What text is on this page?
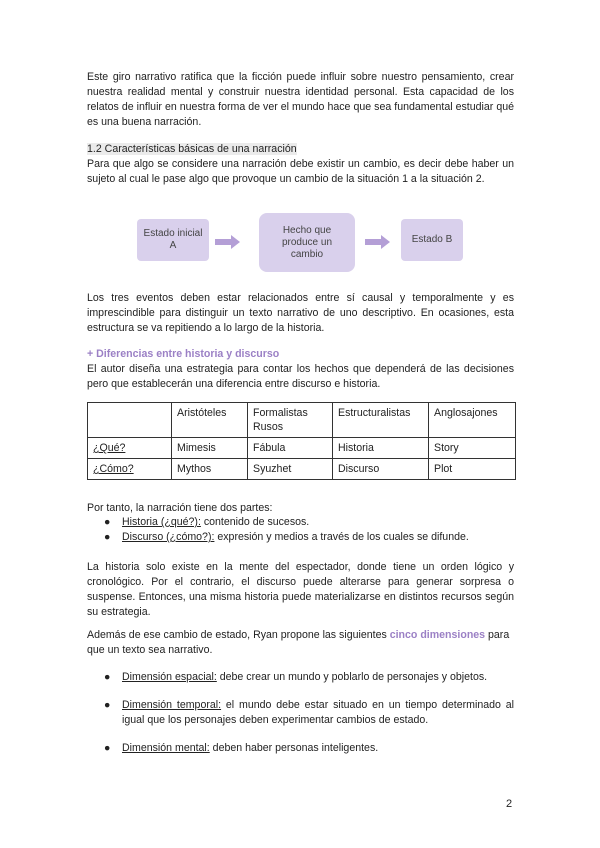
Este giro narrativo ratifica que la ficción puede influir sobre nuestro pensamiento, crear nuestra realidad mental y construir nuestra identidad personal. Esta capacidad de los relatos de influir en nuestra forma de ver el mundo hace que sea fundamental estudiar qué es una buena narración.

1.2 Características básicas de una narración

Para que algo se considere una narración debe existir un cambio, es decir debe haber un sujeto al cual le pase algo que provoque un cambio de la situación 1 a la situación 2.

Estado inicial A
Hecho que produce un cambio
Estado B

Los tres eventos deben estar relacionados entre sí causal y temporalmente y es imprescindible para distinguir un texto narrativo de uno descriptivo. En ocasiones, esta estructura se va repitiendo a lo largo de la historia.

+ Diferencias entre historia y discurso

El autor diseña una estrategia para contar los hechos que dependerá de las decisiones pero que establecerán una diferencia entre discurso e historia.

	Aristóteles	Formalistas Rusos	Estructuralistas	Anglosajones
¿Qué?	Mimesis	Fábula	Historia	Story
¿Cómo?	Mythos	Syuzhet	Discurso	Plot

Por tanto, la narración tiene dos partes:

● Historia (¿qué?): contenido de sucesos.
● Discurso (¿cómo?): expresión y medios a través de los cuales se difunde.

La historia solo existe en la mente del espectador, donde tiene un orden lógico y cronológico. Por el contrario, el discurso puede alterarse para generar sorpresa o suspense. Entonces, una misma historia puede materializarse en distintos recursos según su estrategia.

Además de ese cambio de estado, Ryan propone las siguientes cinco dimensiones para que un texto sea narrativo.

● Dimensión espacial: debe crear un mundo y poblarlo de personajes y objetos.
● Dimensión temporal: el mundo debe estar situado en un tiempo determinado al igual que los personajes deben experimentar cambios de estado.
● Dimensión mental: deben haber personas inteligentes.

2
